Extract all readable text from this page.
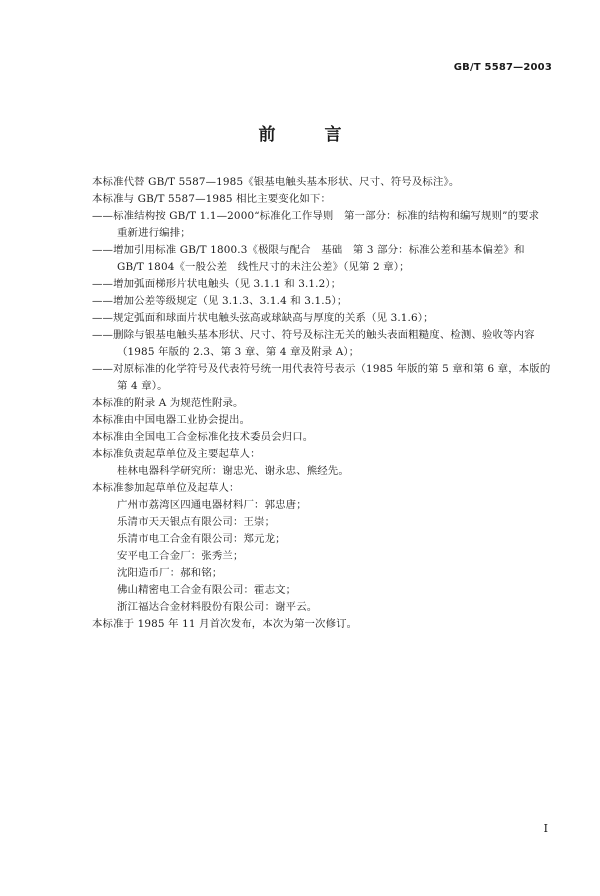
GB/T 5587—2003
前　言
本标准代替 GB/T 5587—1985《银基电触头基本形状、尺寸、符号及标注》。
本标准与 GB/T 5587—1985 相比主要变化如下：
——标准结构按 GB/T 1.1—2000“标准化工作导则　第一部分：标准的结构和编写规则”的要求
重新进行编排；
——增加引用标准 GB/T 1800.3《极限与配合　基础　第 3 部分：标准公差和基本偏差》和
GB/T 1804《一般公差　线性尺寸的未注公差》（见第 2 章）；
——增加弧面梯形片状电触头（见 3.1.1 和 3.1.2）；
——增加公差等级规定（见 3.1.3、3.1.4 和 3.1.5）；
——规定弧面和球面片状电触头弦高或球缺高与厚度的关系（见 3.1.6）；
——删除与银基电触头基本形状、尺寸、符号及标注无关的触头表面粗糙度、检测、验收等内容
（1985 年版的 2.3、第 3 章、第 4 章及附录 A）；
——对原标准的化学符号及代表符号统一用代表符号表示（1985 年版的第 5 章和第 6 章，本版的
第 4 章）。
本标准的附录 A 为规范性附录。
本标准由中国电器工业协会提出。
本标准由全国电工合金标准化技术委员会归口。
本标准负责起草单位及主要起草人：
桂林电器科学研究所：谢忠光、谢永忠、熊经先。
本标准参加起草单位及起草人：
广州市荔湾区四通电器材料厂：郭忠唐；
乐清市天天银点有限公司：王崇；
乐清市电工合金有限公司：郑元龙；
安平电工合金厂：张秀兰；
沈阳造币厂：郝和铭；
佛山精密电工合金有限公司：霍志文；
浙江福达合金材料股份有限公司：谢平云。
本标准于 1985 年 11 月首次发布，本次为第一次修订。
I
